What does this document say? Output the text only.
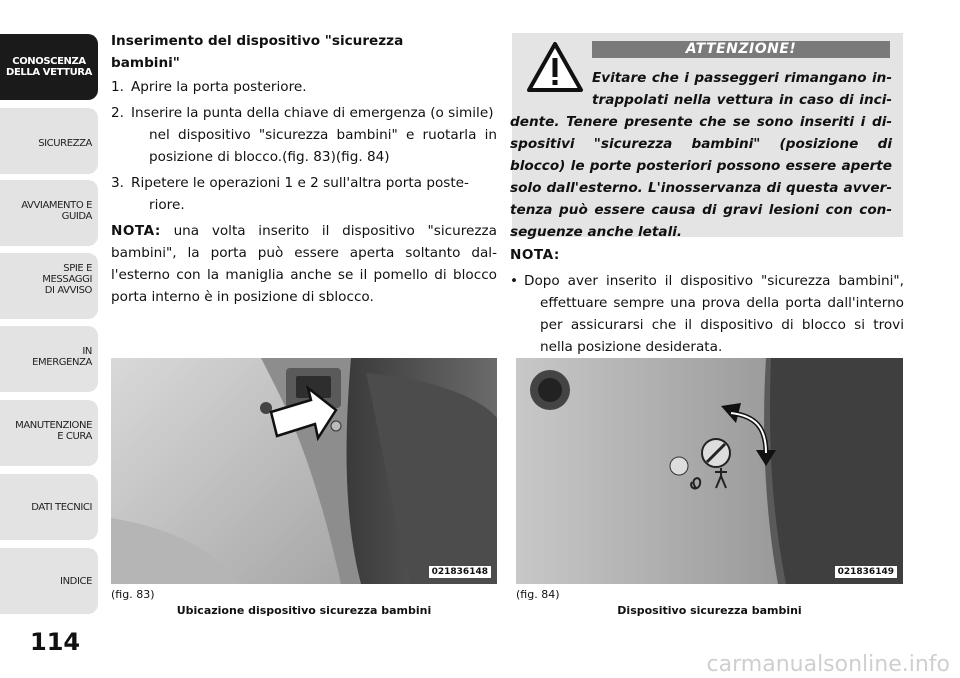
CONOSCENZA
DELLA VETTURA
SICUREZZA
AVVIAMENTO E
GUIDA
SPIE E
MESSAGGI
DI AVVISO
IN
EMERGENZA
MANUTENZIONE
E CURA
DATI TECNICI
INDICE
114
Inserimento del dispositivo "sicurezza
bambini"
1. Aprire la porta posteriore.
2. Inserire la punta della chiave di emergenza (o simile)
nel dispositivo "sicurezza bambini" e ruotarla in
posizione di blocco.(fig. 83)(fig. 84)
3. Ripetere le operazioni 1 e 2 sull'altra porta poste-
riore.
NOTA: una volta inserito il dispositivo "sicurezza
bambini", la porta può essere aperta soltanto dal-
l'esterno con la maniglia anche se il pomello di blocco
porta interno è in posizione di sblocco.
ATTENZIONE!
Evitare che i passeggeri rimangano in-
trappolati nella vettura in caso di inci-
dente. Tenere presente che se sono inseriti i di-
spositivi "sicurezza bambini" (posizione di
blocco) le porte posteriori possono essere aperte
solo dall'esterno. L'inosservanza di questa avver-
tenza può essere causa di gravi lesioni con con-
seguenze anche letali.
NOTA:
• Dopo aver inserito il dispositivo "sicurezza bambini",
effettuare sempre una prova della porta dall'interno
per assicurarsi che il dispositivo di blocco si trovi
nella posizione desiderata.
021836148
(fig. 83)
Ubicazione dispositivo sicurezza bambini
021836149
(fig. 84)
Dispositivo sicurezza bambini
carmanualsonline.info
